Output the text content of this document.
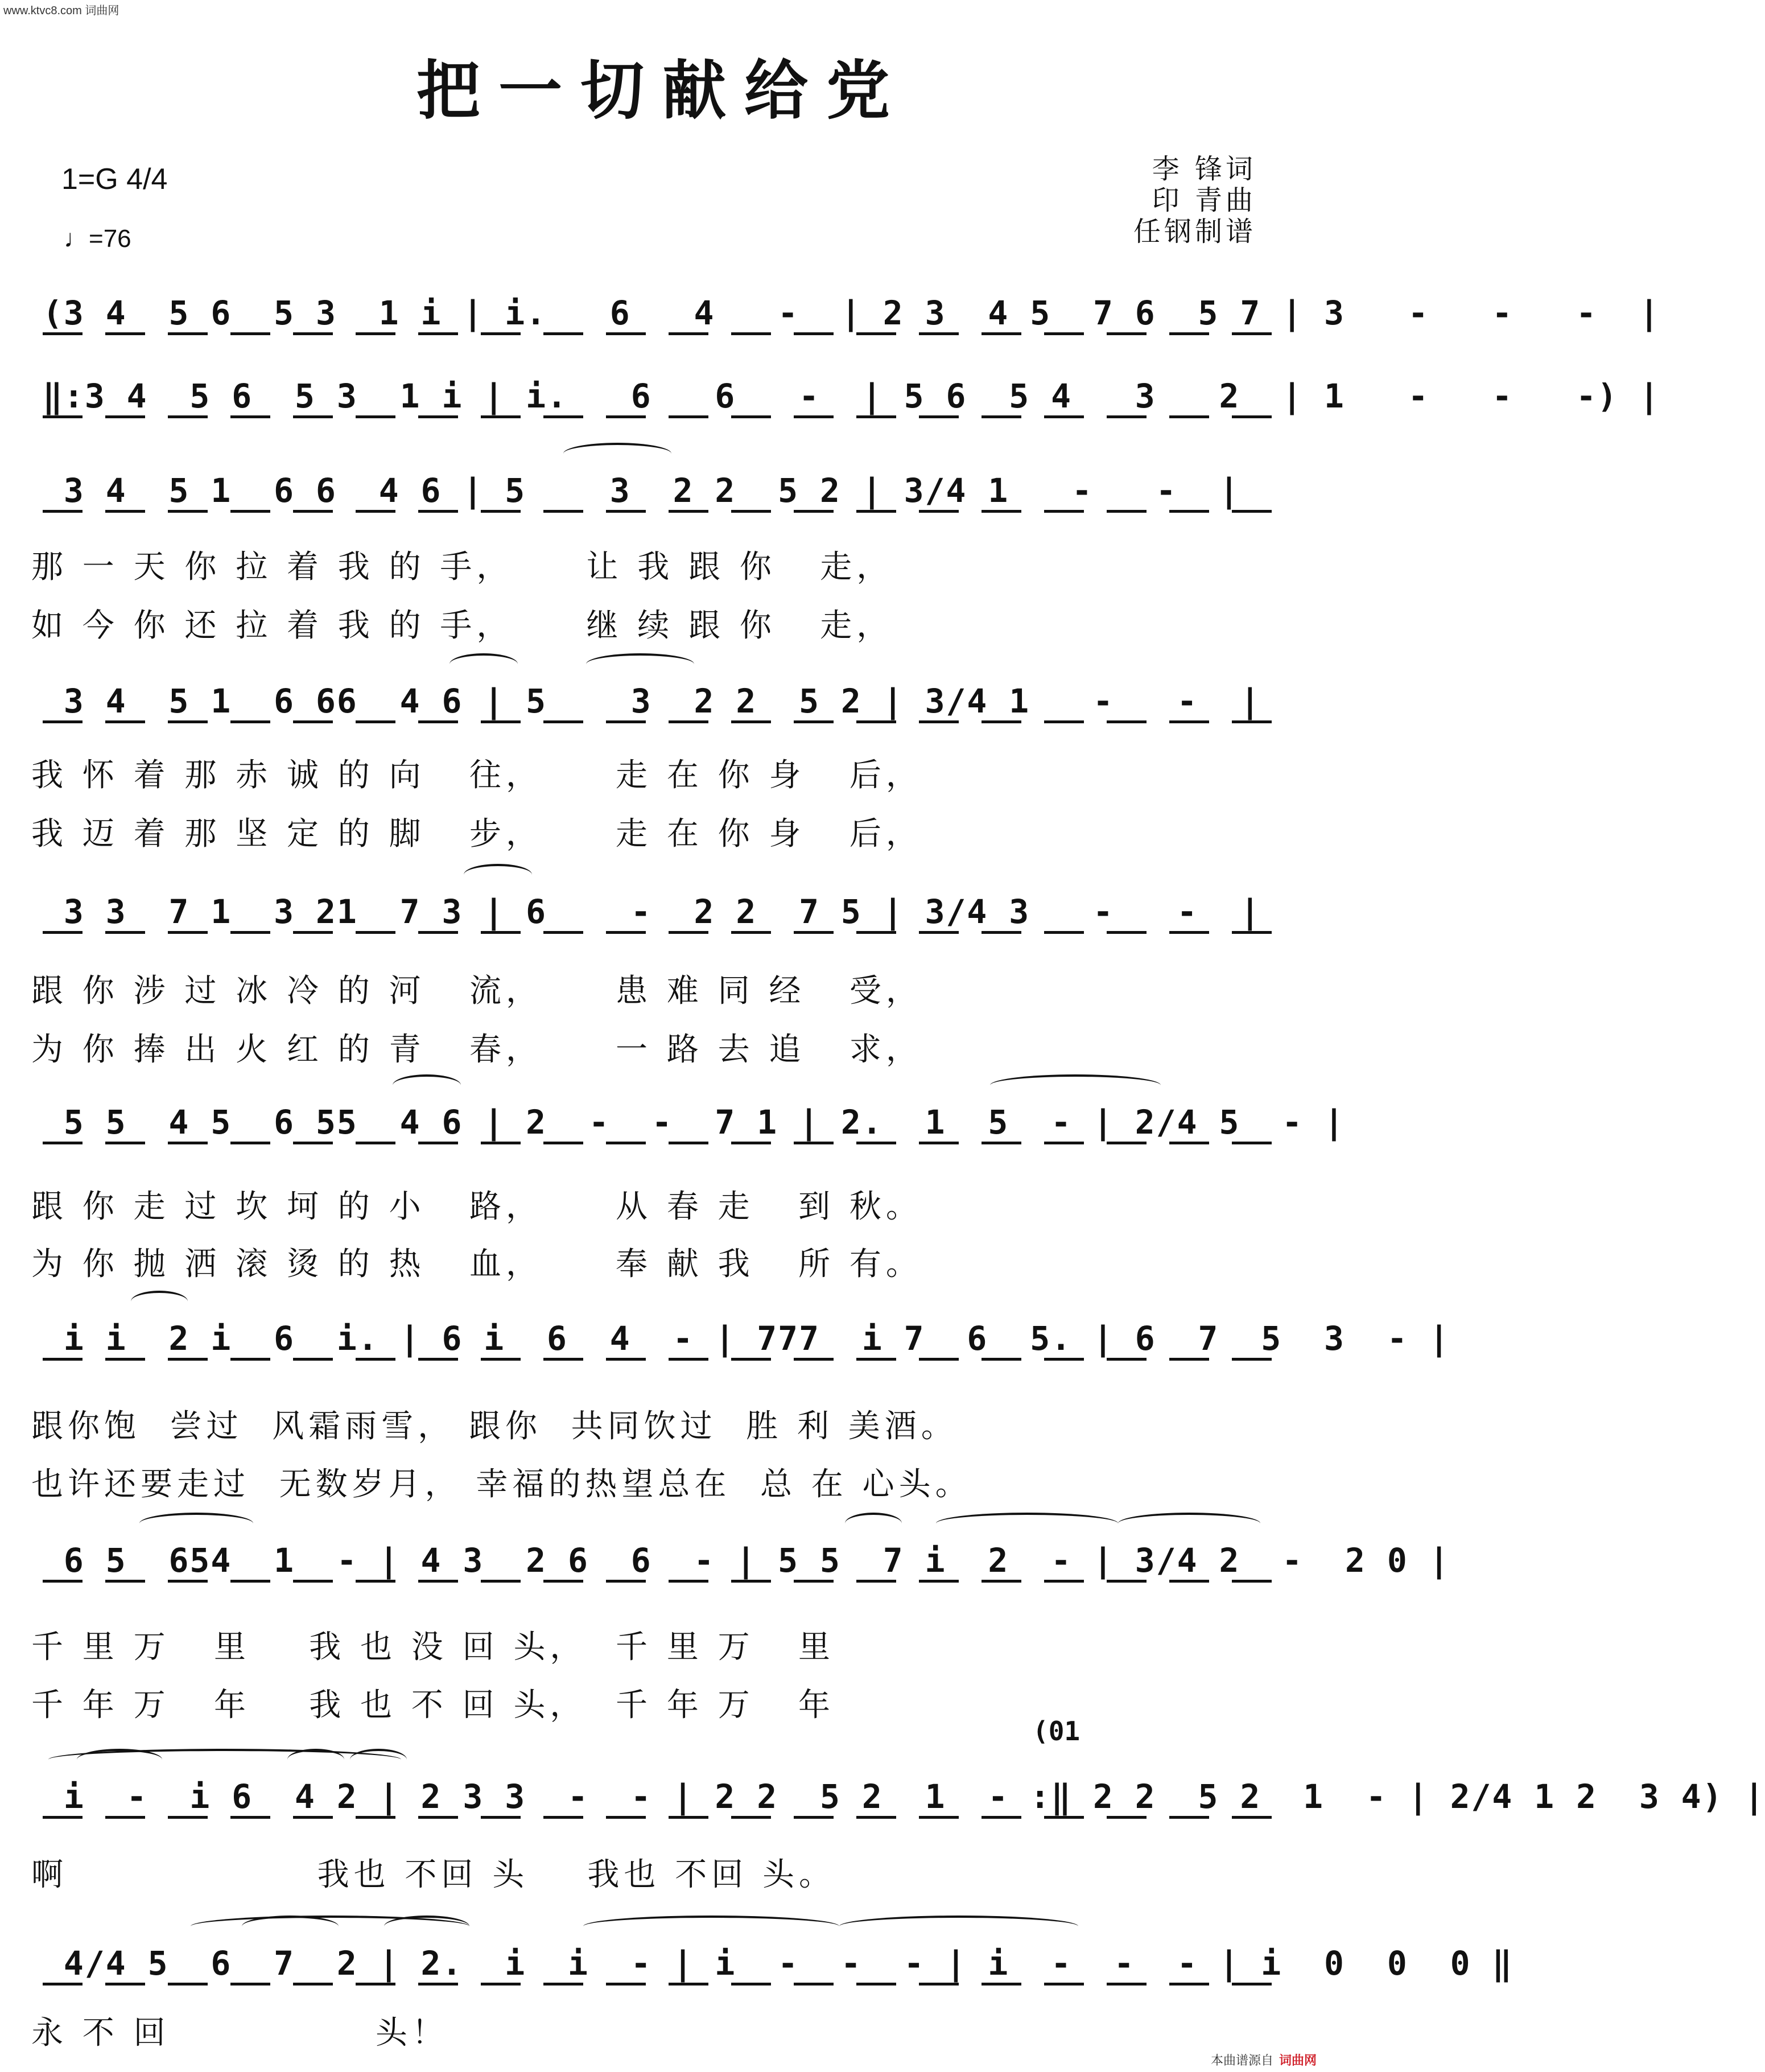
www.ktvc8.com 词曲网
把一切献给党
1=G 4/4
♩=76
李 锋词
印 青曲
任钢制谱
(3 4  5 6  5 3  1 i | i.   6   4   -  | 2 3  4 5  7 6  5 7 | 3   -   -   -  |
‖:3 4  5 6  5 3  1 i | i.   6   6   -  | 5 6  5 4   3   2  | 1   -   -   -) |
3 4  5 1  6 6  4 6 | 5    3  2 2  5 2 | 3/4 1   -   -  |
那 一 天 你 拉 着 我 的 手，     让 我 跟 你   走，
如 今 你 还 拉 着 我 的 手，     继 续 跟 你   走，
3 4  5 1  6 66  4 6 | 5    3  2 2  5 2 | 3/4 1   -   -  |
我 怀 着 那 赤 诚 的 向   往，     走 在 你 身   后，
我 迈 着 那 坚 定 的 脚   步，     走 在 你 身   后，
3 3  7 1  3 21  7 3 | 6    -  2 2  7 5 | 3/4 3   -   -  |
跟 你 涉 过 冰 冷 的 河   流，     患 难 同 经   受，
为 你 捧 出 火 红 的 青   春，     一 路 去 追   求，
5 5  4 5  6 55  4 6 | 2  -  -  7 1 | 2.  1  5  - | 2/4 5  - |
跟 你 走 过 坎 坷 的 小   路，     从 春 走   到 秋。
为 你 抛 洒 滚 烫 的 热   血，     奉 献 我   所 有。
i i  2 i  6  i. | 6 i  6  4  - | 777  i 7  6  5. | 6  7  5  3  - |
跟你饱  尝过  风霜雨雪， 跟你  共同饮过  胜 利 美酒。
也许还要走过  无数岁月， 幸福的热望总在  总 在 心头。
6 5  654  1  - | 4 3  2 6  6  - | 5 5  7 i  2  - | 3/4 2  -  2 0 |
千 里 万   里    我 也 没 回 头，  千 里 万   里
千 年 万   年    我 也 不 回 头，  千 年 万   年
(01
i  -  i 6  4 2 | 2 3 3  -  - | 2 2  5 2  1  - :‖ 2 2  5 2  1  - | 2/4 1 2  3 4) |
啊                 我也 不回 头    我也 不回 头。
4/4 5  6  7  2 | 2.  i  i  - | i  -  -  - | i  -  -  - | i  0  0  0 ‖
永 不 回              头！
本曲谱源自 词曲网
